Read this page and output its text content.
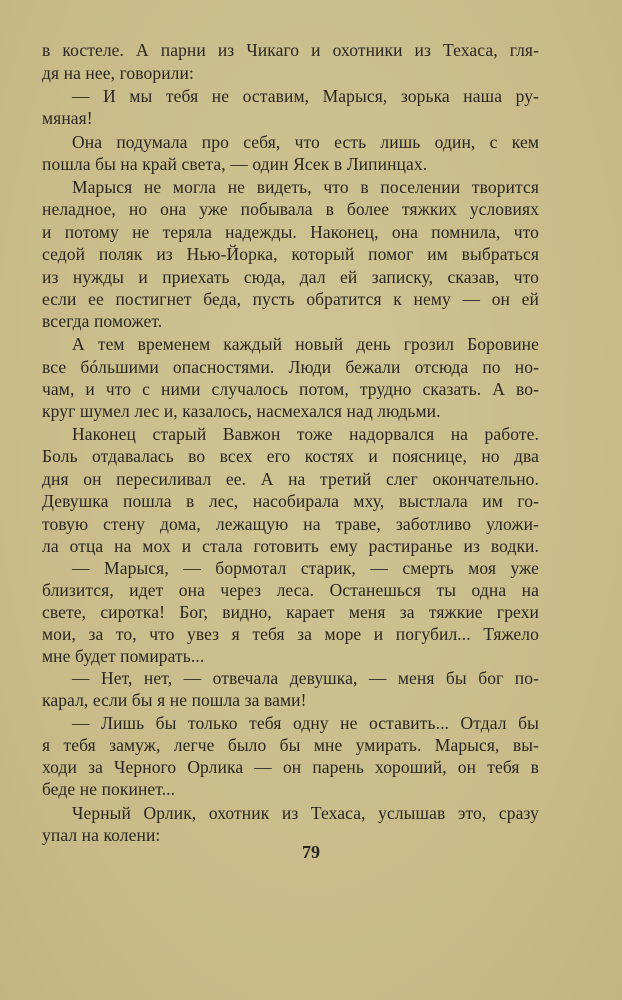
в костеле. А парни из Чикаго и охотники из Техаса, гля-
дя на нее, говорили:
— И мы тебя не оставим, Марыся, зорька наша ру-
мяная!
Она подумала про себя, что есть лишь один, с кем
пошла бы на край света, — один Ясек в Липинцах.
Марыся не могла не видеть, что в поселении творится
неладное, но она уже побывала в более тяжких условиях
и потому не теряла надежды. Наконец, она помнила, что
седой поляк из Нью-Йорка, который помог им выбраться
из нужды и приехать сюда, дал ей записку, сказав, что
если ее постигнет беда, пусть обратится к нему — он ей
всегда поможет.
А тем временем каждый новый день грозил Боровине
все бóльшими опасностями. Люди бежали отсюда по но-
чам, и что с ними случалось потом, трудно сказать. А во-
круг шумел лес и, казалось, насмехался над людьми.
Наконец старый Вавжон тоже надорвался на работе.
Боль отдавалась во всех его костях и пояснице, но два
дня он пересиливал ее. А на третий слег окончательно.
Девушка пошла в лес, насобирала мху, выстлала им го-
товую стену дома, лежащую на траве, заботливо уложи-
ла отца на мох и стала готовить ему растиранье из водки.
— Марыся, — бормотал старик, — смерть моя уже
близится, идет она через леса. Останешься ты одна на
свете, сиротка! Бог, видно, карает меня за тяжкие грехи
мои, за то, что увез я тебя за море и погубил... Тяжело
мне будет помирать...
— Нет, нет, — отвечала девушка, — меня бы бог по-
карал, если бы я не пошла за вами!
— Лишь бы только тебя одну не оставить... Отдал бы
я тебя замуж, легче было бы мне умирать. Марыся, вы-
ходи за Черного Орлика — он парень хороший, он тебя в
беде не покинет...
Черный Орлик, охотник из Техаса, услышав это, сразу
упал на колени:
79
